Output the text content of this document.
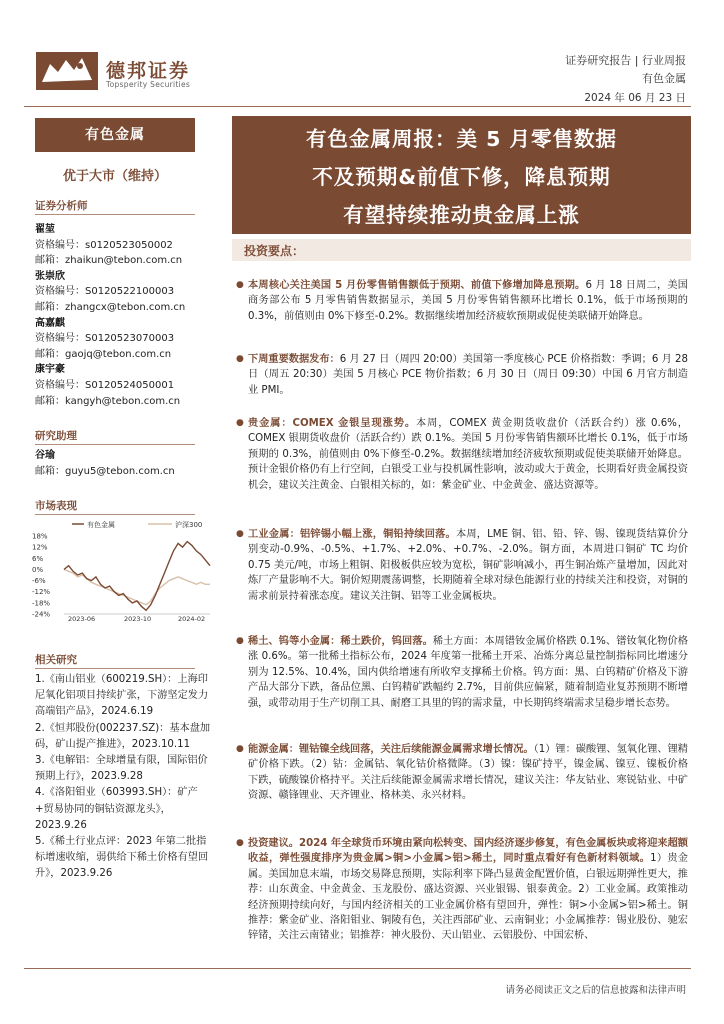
德邦证券
Topsperity Securities
证券研究报告 | 行业周报
有色金属
2024 年 06 月 23 日
有色金属
优于大市（维持）
证券分析师
翟堃
资格编号：s0120523050002
邮箱：zhaikun@tebon.com.cn
张崇欣
资格编号：S0120522100003
邮箱：zhangcx@tebon.com.cn
高嘉麒
资格编号：S0120523070003
邮箱：gaojq@tebon.com.cn
康宇豪
资格编号：S0120524050001
邮箱：kangyh@tebon.com.cn
研究助理
谷瑜
邮箱：guyu5@tebon.com.cn
市场表现
有色金属	沪深300
18%
12%
6%
0%
-6%
-12%
-18%
-24%
2023-06	2023-10	2024-02
相关研究
1.《南山铝业（600219.SH）：上海印尼氧化铝项目持续扩张，下游坚定发力高端铝产品》，2024.6.19
2.《恒邦股份(002237.SZ)：基本盘加码，矿山提产推进》，2023.10.11
3.《电解铝：全球增量有限，国际铝价预期上行》，2023.9.28
4.《洛阳钼业（603993.SH）：矿产+贸易协同的铜钴资源龙头》，2023.9.26
5.《稀土行业点评：2023 年第二批指标增速收缩，弱供给下稀土价格有望回升》，2023.9.26
有色金属周报：美 5 月零售数据
不及预期&前值下修，降息预期
有望持续推动贵金属上涨
投资要点：
● 本周核心关注美国 5 月份零售销售额低于预期、前值下修增加降息预期。6 月 18 日周二，美国商务部公布 5 月零售销售数据显示，美国 5 月份零售销售额环比增长 0.1%，低于市场预期的 0.3%，前值则由 0%下修至-0.2%。数据继续增加经济疲软预期或促使美联储开始降息。
● 下周重要数据发布：6 月 27 日（周四 20:00）美国第一季度核心 PCE 价格指数：季调；6 月 28 日（周五 20:30）美国 5 月核心 PCE 物价指数；6 月 30 日（周日 09:30）中国 6 月官方制造业 PMI。
● 贵金属：COMEX 金银呈现涨势。本周，COMEX 黄金期货收盘价（活跃合约）涨 0.6%，COMEX 银期货收盘价（活跃合约）跌 0.1%。美国 5 月份零售销售额环比增长 0.1%，低于市场预期的 0.3%，前值则由 0%下修至-0.2%。数据继续增加经济疲软预期或促使美联储开始降息。预计金银价格仍有上行空间，白银受工业与投机属性影响，波动或大于黄金，长期看好贵金属投资机会，建议关注黄金、白银相关标的，如：紫金矿业、中金黄金、盛达资源等。
● 工业金属：铝锌锡小幅上涨，铜铅持续回落。本周，LME 铜、铝、铅、锌、锡、镍现货结算价分别变动-0.9%、-0.5%、+1.7%、+2.0%、+0.7%、-2.0%。铜方面，本周进口铜矿 TC 均价 0.75 美元/吨，市场上粗铜、阳极板供应较为宽松，铜矿影响减小，再生铜冶炼产量增加，因此对炼厂产量影响不大。铜价短期震荡调整，长期随着全球对绿色能源行业的持续关注和投资，对铜的需求前景持着涨态度。建议关注铜、铝等工业金属板块。
● 稀土、钨等小金属：稀土跌价，钨回落。稀土方面：本周镨钕金属价格跌 0.1%、镨钕氧化物价格涨 0.6%。第一批稀土指标公布，2024 年度第一批稀土开采、冶炼分离总量控制指标同比增速分别为 12.5%、10.4%，国内供给增速有所收窄支撑稀土价格。钨方面：黑、白钨精矿价格及下游产品大部分下跌，备品位黑、白钨精矿跌幅约 2.7%，目前供应偏紧，随着制造业复苏预期不断增强，或带动用于生产切削工具、耐磨工具里的钨的需求量，中长期钨终端需求呈稳步增长态势。
● 能源金属：锂钴镍全线回落，关注后续能源金属需求增长情况。（1）锂：碳酸锂、氢氧化锂、锂精矿价格下跌。（2）钴：金属钴、氧化钴价格微降。（3）镍：镍矿持平，镍金属、镍豆、镍板价格下跌，硫酸镍价格持平。关注后续能源金属需求增长情况，建议关注：华友钴业、寒锐钴业、中矿资源、赣锋锂业、天齐锂业、格林美、永兴材料。
● 投资建议。2024 年全球货币环境由紧向松转变、国内经济逐步修复，有色金属板块或将迎来超额收益，弹性强度排序为贵金属>铜>小金属>铝>稀土，同时重点看好有色新材料领域。1）贵金属。美国加息末端，市场交易降息预期，实际利率下降凸显黄金配置价值，白银远期弹性更大，推荐：山东黄金、中金黄金、玉龙股份、盛达资源、兴业银锡、银泰黄金。2）工业金属。政策推动经济预期持续向好，与国内经济相关的工业金属价格有望回升，弹性：铜>小金属>铝>稀土。铜推荐：紫金矿业、洛阳钼业、铜陵有色，关注西部矿业、云南铜业；小金属推荐：锡业股份、驰宏锌锗，关注云南锗业；铝推荐：神火股份、天山铝业、云铝股份、中国宏桥、
请务必阅读正文之后的信息披露和法律声明
